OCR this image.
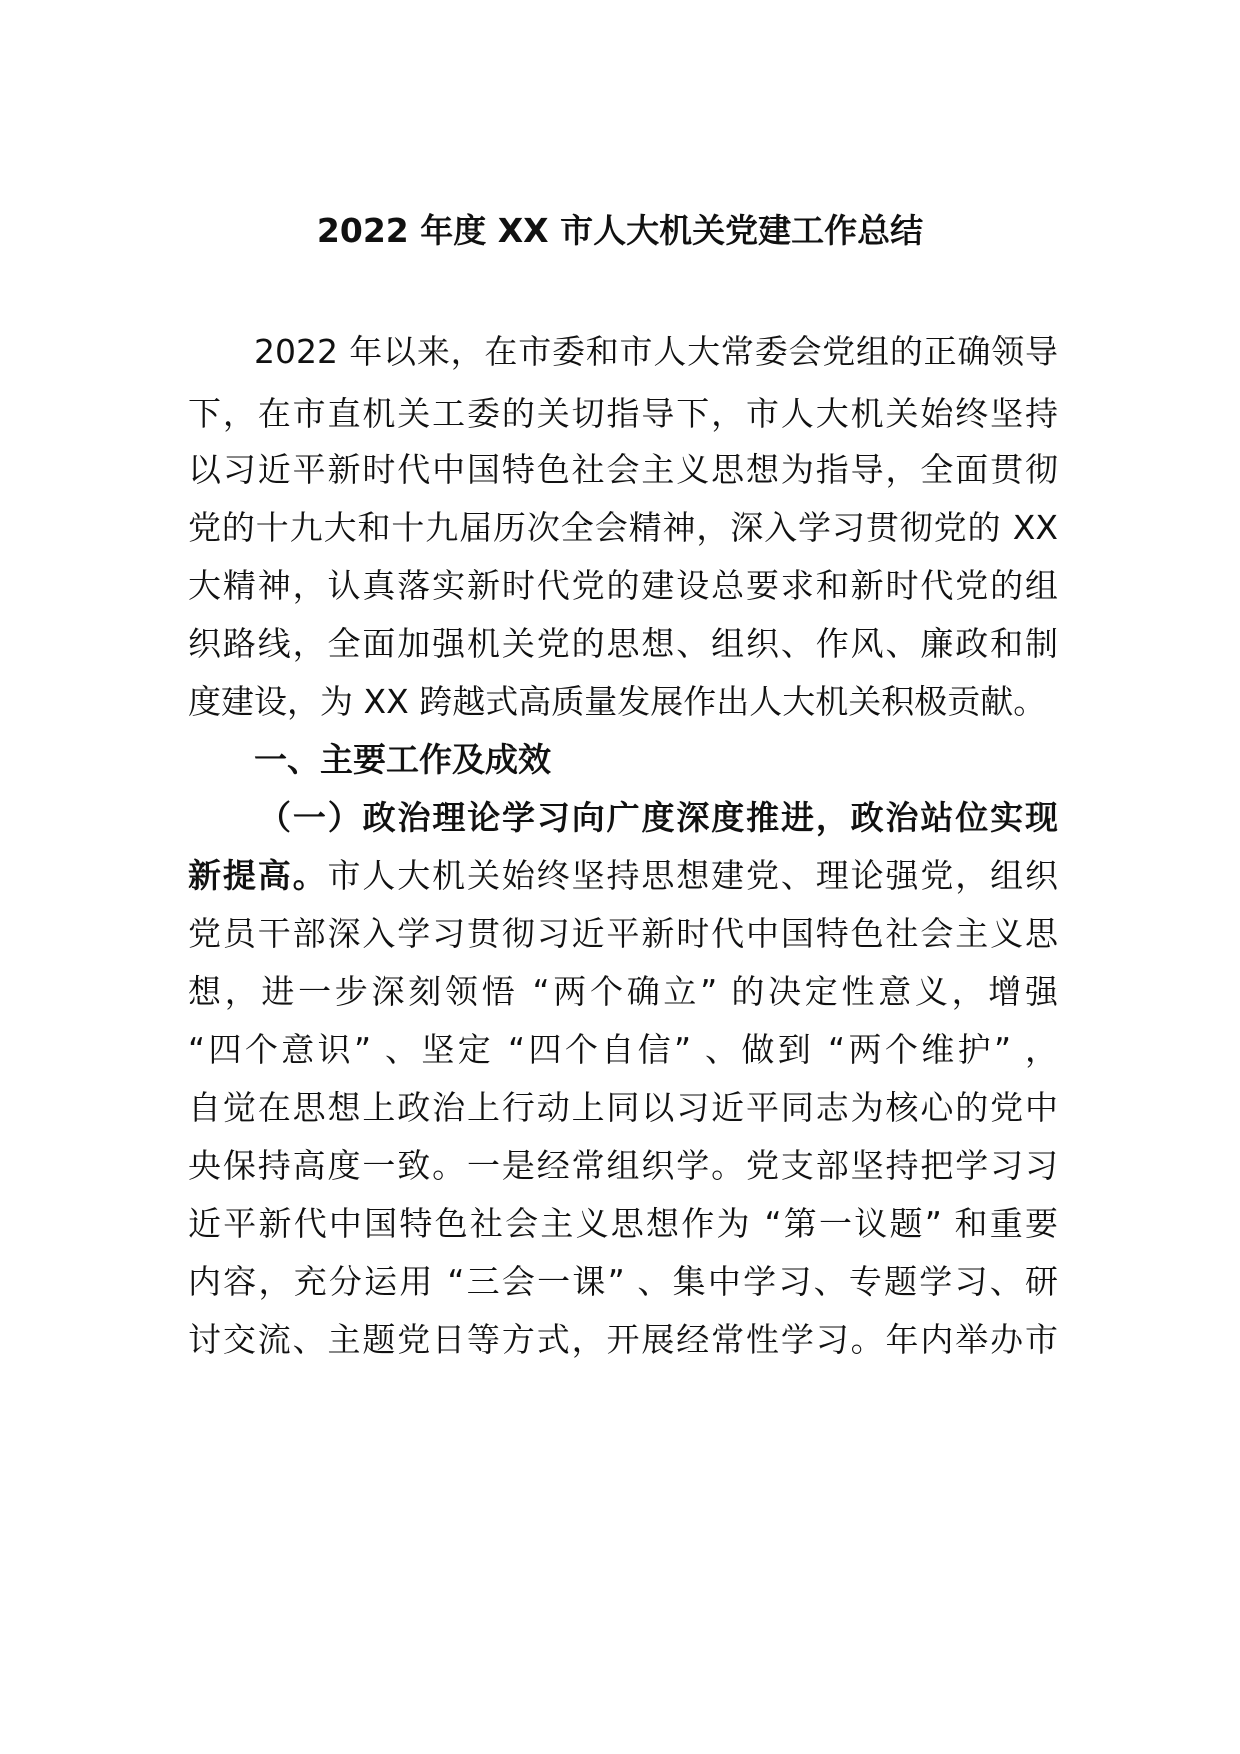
2022 年度 XX 市人大机关党建工作总结
2022 年以来，在市委和市人大常委会党组的正确领导
下，在市直机关工委的关切指导下，市人大机关始终坚持
以习近平新时代中国特色社会主义思想为指导，全面贯彻
党的十九大和十九届历次全会精神，深入学习贯彻党的 XX
大精神，认真落实新时代党的建设总要求和新时代党的组
织路线，全面加强机关党的思想、组织、作风、廉政和制
度建设，为 XX 跨越式高质量发展作出人大机关积极贡献。
一、主要工作及成效
（一）政治理论学习向广度深度推进，政治站位实现
新提高。市人大机关始终坚持思想建党、理论强党，组织
党员干部深入学习贯彻习近平新时代中国特色社会主义思
想，进一步深刻领悟 “两个确立” 的决定性意义，增强
“四个意识” 、坚定 “四个自信” 、做到 “两个维护” ，
自觉在思想上政治上行动上同以习近平同志为核心的党中
央保持高度一致。一是经常组织学。党支部坚持把学习习
近平新代中国特色社会主义思想作为 “第一议题” 和重要
内容，充分运用 “三会一课” 、集中学习、专题学习、研
讨交流、主题党日等方式，开展经常性学习。年内举办市
